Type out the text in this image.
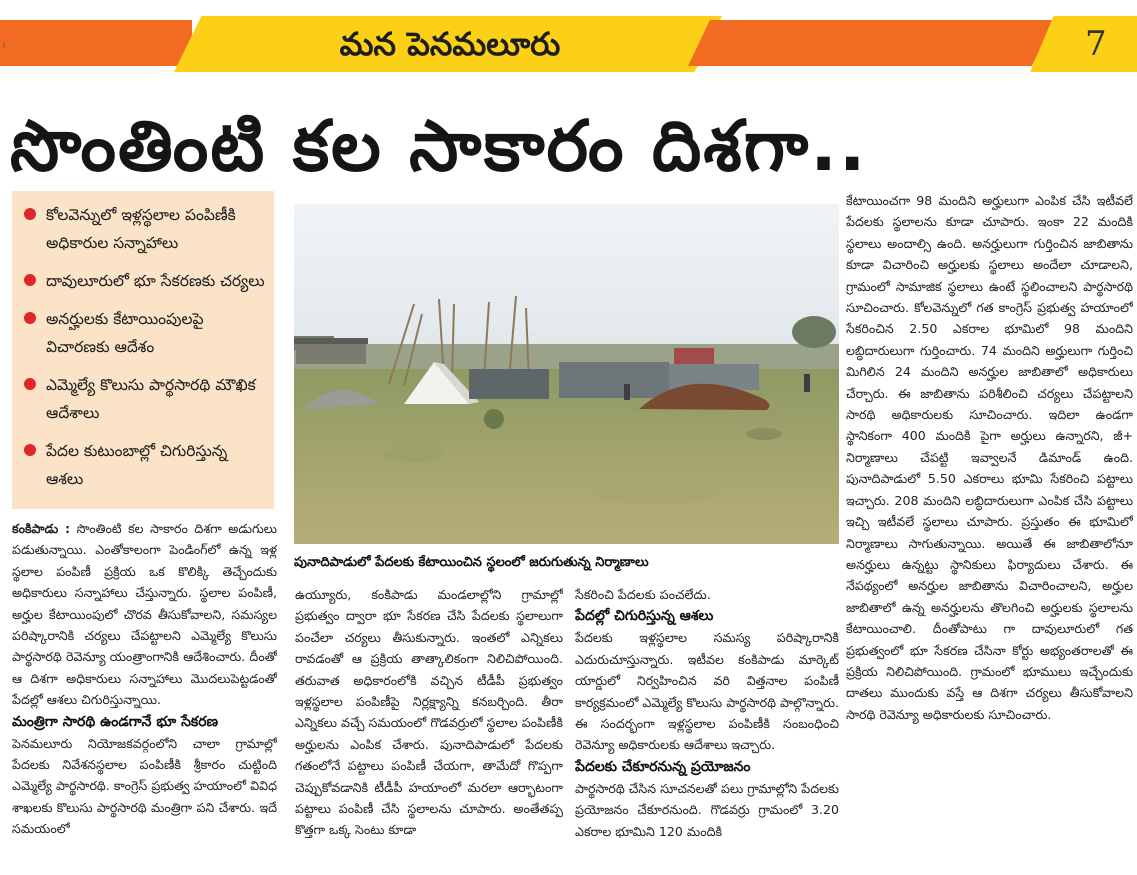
మన పెనమలూరు	7
।
సొంతింటి కల సాకారం దిశగా..
కోలవెన్నులో ఇళ్లస్థలాల పంపిణీకి అధికారుల సన్నాహాలు
దావులూరులో భూ సేకరణకు చర్యలు
అనర్హులకు కేటాయింపులపై విచారణకు ఆదేశం
ఎమ్మెల్యే కొలుసు పార్థసారథి మౌఖిక ఆదేశాలు
పేదల కుటుంబాల్లో చిగురిస్తున్న ఆశలు
పునాదిపాడులో పేదలకు కేటాయించిన స్థలంలో జరుగుతున్న నిర్మాణాలు

కంకిపాడు : సొంతింటి కల సాకారం దిశగా అడుగులు పడుతున్నాయి. ఎంతోకాలంగా పెండింగ్‌లో ఉన్న ఇళ్ల స్థలాల పంపిణీ ప్రక్రియ ఒక కొలిక్కి తెచ్చేందుకు అధికారులు సన్నాహాలు చేస్తున్నారు. స్థలాల పంపిణీ, అర్హుల కేటాయింపులో చొరవ తీసుకోవాలని, సమస్యల పరిష్కారానికి చర్యలు చేపట్టాలని ఎమ్మెల్యే కొలుసు పార్థసారథి రెవెన్యూ యంత్రాంగానికి ఆదేశించారు. దీంతో ఆ దిశగా అధికారులు సన్నాహాలు మొదలుపెట్టడంతో పేదల్లో ఆశలు చిగురిస్తున్నాయి.

మంత్రిగా సారథి ఉండగానే భూ సేకరణ

పెనమలూరు నియోజకవర్గంలోని చాలా గ్రామాల్లో పేదలకు నివేశనస్థలాల పంపిణీకి శ్రీకారం చుట్టింది ఎమ్మెల్యే పార్థసారథి. కాంగ్రెస్ ప్రభుత్వ హయాంలో వివిధ శాఖలకు కొలుసు పార్థసారథి మంత్రిగా పని చేశారు. ఇదే సమయంలో

ఉయ్యూరు, కంకిపాడు మండలాల్లోని గ్రామాల్లో ప్రభుత్వం ద్వారా భూ సేకరణ చేసి పేదలకు స్థలాలుగా పంచేలా చర్యలు తీసుకున్నారు. ఇంతలో ఎన్నికలు రావడంతో ఆ ప్రక్రియ తాత్కాలికంగా నిలిచిపోయింది. తరువాత అధికారంలోకి వచ్చిన టీడీపీ ప్రభుత్వం ఇళ్లస్థలాల పంపిణీపై నిర్లక్ష్యాన్ని కనబర్చింది. తీరా ఎన్నికలు వచ్చే సమయంలో గొడవర్రులో స్థలాల పంపిణీకి అర్హులను ఎంపిక చేశారు. పునాదిపాడులో పేదలకు గతంలోనే పట్టాలు పంపిణీ చేయగా, తామేదో గొప్పగా చెప్పుకోవడానికి టీడీపీ హయాంలో మరలా ఆర్భాటంగా పట్టాలు పంపిణీ చేసి స్థలాలను చూపారు. అంతేతప్ప కొత్తగా ఒక్క సెంటు కూడా

సేకరించి పేదలకు పంచలేదు.

పేదల్లో చిగురిస్తున్న ఆశలు

పేదలకు ఇళ్లస్థలాల సమస్య పరిష్కారానికి ఎదురుచూస్తున్నారు. ఇటీవల కంకిపాడు మార్కెట్ యార్డులో నిర్వహించిన వరి విత్తనాల పంపిణీ కార్యక్రమంలో ఎమ్మెల్యే కొలుసు పార్థసారథి పాల్గొన్నారు. ఈ సందర్భంగా ఇళ్లస్థలాల పంపిణీకి సంబంధించి రెవెన్యూ అధికారులకు ఆదేశాలు ఇచ్చారు.

పేదలకు చేకూరనున్న ప్రయోజనం

పార్థసారథి చేసిన సూచనలతో పలు గ్రామాల్లోని పేదలకు ప్రయోజనం చేకూరనుంది. గొడవర్రు గ్రామంలో 3.20 ఎకరాల భూమిని 120 మందికి

కేటాయించగా 98 మందిని అర్హులుగా ఎంపిక చేసి ఇటీవలే పేదలకు స్థలాలను కూడా చూపారు. ఇంకా 22 మందికి స్థలాలు అందాల్సి ఉంది. అనర్హులుగా గుర్తించిన జాబితాను కూడా విచారించి అర్హులకు స్థలాలు అందేలా చూడాలని, గ్రామంలో సామాజిక స్థలాలు ఉంటే స్థలించాలని పార్థసారథి సూచించారు. కోలవెన్నులో గత కాంగ్రెస్ ప్రభుత్వ హయాంలో సేకరించిన 2.50 ఎకరాల భూమిలో 98 మందిని లబ్ధిదారులుగా గుర్తించారు. 74 మందిని అర్హులుగా గుర్తించి మిగిలిన 24 మందిని అనర్హుల జాబితాలో అధికారులు చేర్చారు. ఈ జాబితాను పరిశీలించి చర్యలు చేపట్టాలని సారథి అధికారులకు సూచించారు. ఇదిలా ఉండగా స్థానికంగా 400 మందికి పైగా అర్హులు ఉన్నారని, జీ+ నిర్మాణాలు చేపట్టి ఇవ్వాలనే డిమాండ్ ఉంది. పునాదిపాడులో 5.50 ఎకరాలు భూమి సేకరించి పట్టాలు ఇచ్చారు. 208 మందిని లబ్ధిదారులుగా ఎంపిక చేసి పట్టాలు ఇచ్చి ఇటీవలే స్థలాలు చూపారు. ప్రస్తుతం ఈ భూమిలో నిర్మాణాలు సాగుతున్నాయి. అయితే ఈ జాబితాలోనూ అనర్హులు ఉన్నట్టు స్థానికులు ఫిర్యాదులు చేశారు. ఈ నేపథ్యంలో అనర్హుల జాబితాను విచారించాలని, అర్హుల జాబితాలో ఉన్న అనర్హులను తొలగించి అర్హులకు స్థలాలను కేటాయించాలి. దీంతోపాటు గా దావులూరులో గత ప్రభుత్వంలో భూ సేకరణ చేసినా కోర్టు అభ్యంతరాలతో ఈ ప్రక్రియ నిలిచిపోయింది. గ్రామంలో భూములు ఇచ్చేందుకు దాతలు ముందుకు వస్తే ఆ దిశగా చర్యలు తీసుకోవాలని సారథి రెవెన్యూ అధికారులకు సూచించారు.
